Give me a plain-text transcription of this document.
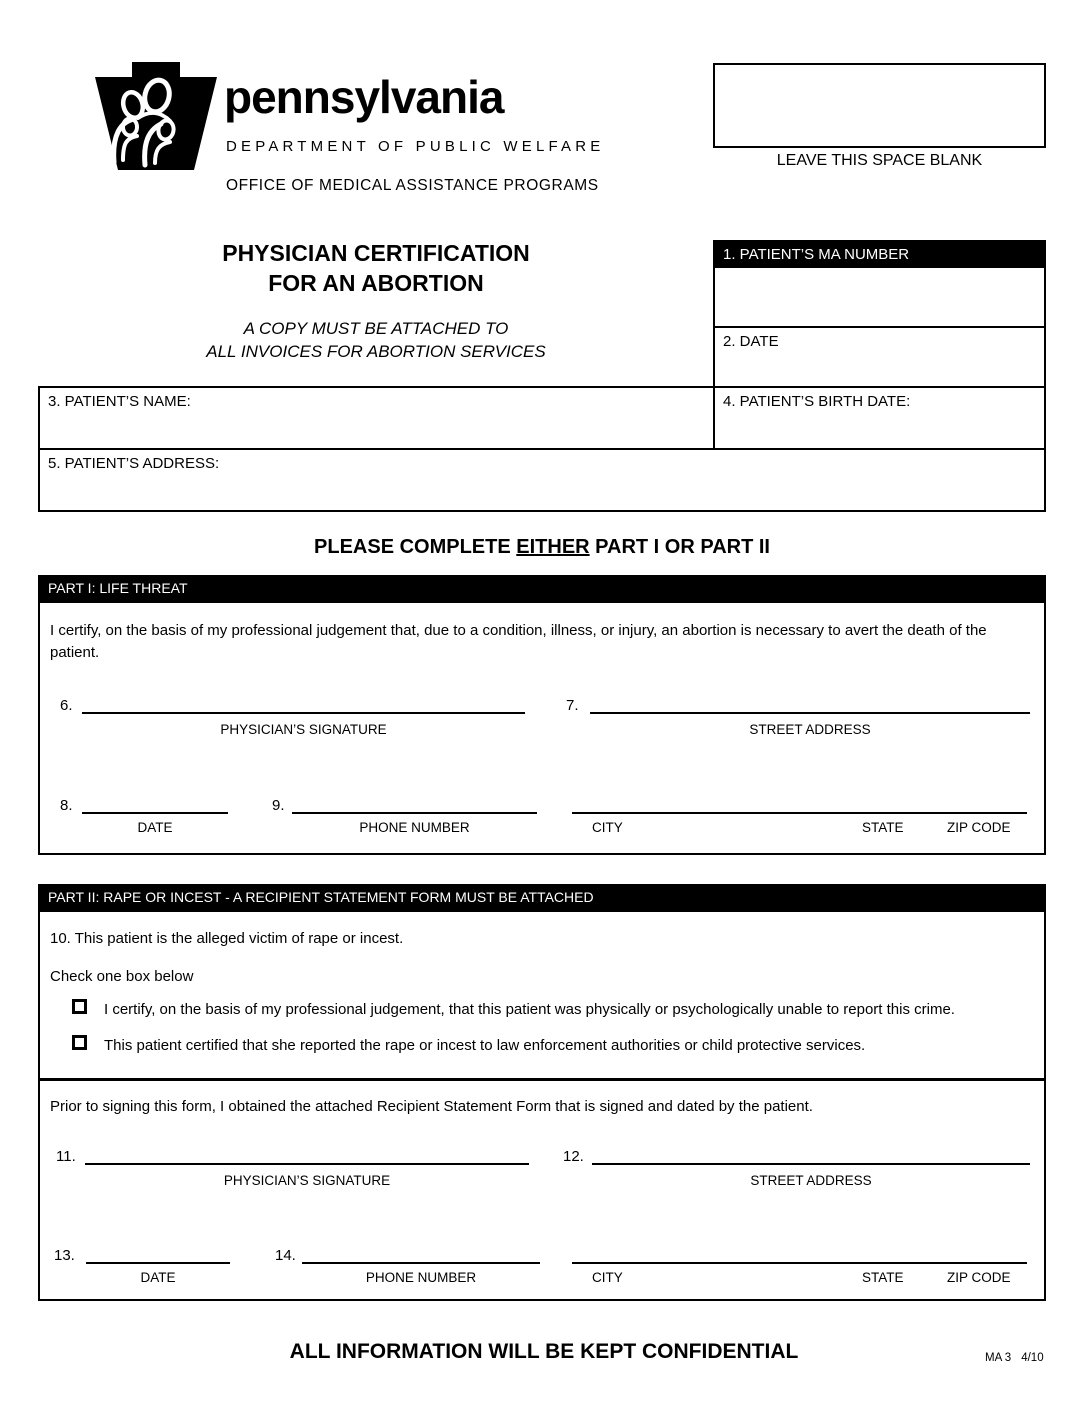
pennsylvania
DEPARTMENT OF PUBLIC WELFARE
OFFICE OF MEDICAL ASSISTANCE PROGRAMS
LEAVE THIS SPACE BLANK
PHYSICIAN CERTIFICATION
FOR AN ABORTION
A COPY MUST BE ATTACHED TO
ALL INVOICES FOR ABORTION SERVICES
1. PATIENT’S MA NUMBER
2. DATE
4. PATIENT’S BIRTH DATE:
3. PATIENT’S NAME:
5. PATIENT’S ADDRESS:
PLEASE COMPLETE EITHER PART I OR PART II
PART I: LIFE THREAT
I certify, on the basis of my professional judgement that, due to a condition, illness, or injury, an abortion is necessary to avert the death of the patient.
6.
PHYSICIAN’S SIGNATURE
7.
STREET ADDRESS
8.
DATE
9.
PHONE NUMBER	CITY	STATE	ZIP CODE
PART II: RAPE OR INCEST - A RECIPIENT STATEMENT FORM MUST BE ATTACHED
10. This patient is the alleged victim of rape or incest.
Check one box below
I certify, on the basis of my professional judgement, that this patient was physically or psychologically unable to report this crime.
This patient certified that she reported the rape or incest to law enforcement authorities or child protective services.
Prior to signing this form, I obtained the attached Recipient Statement Form that is signed and dated by the patient.
11.
PHYSICIAN’S SIGNATURE
12.
STREET ADDRESS
13.
DATE
14.
PHONE NUMBER	CITY	STATE	ZIP CODE
ALL INFORMATION WILL BE KEPT CONFIDENTIAL	MA 3 4/10
